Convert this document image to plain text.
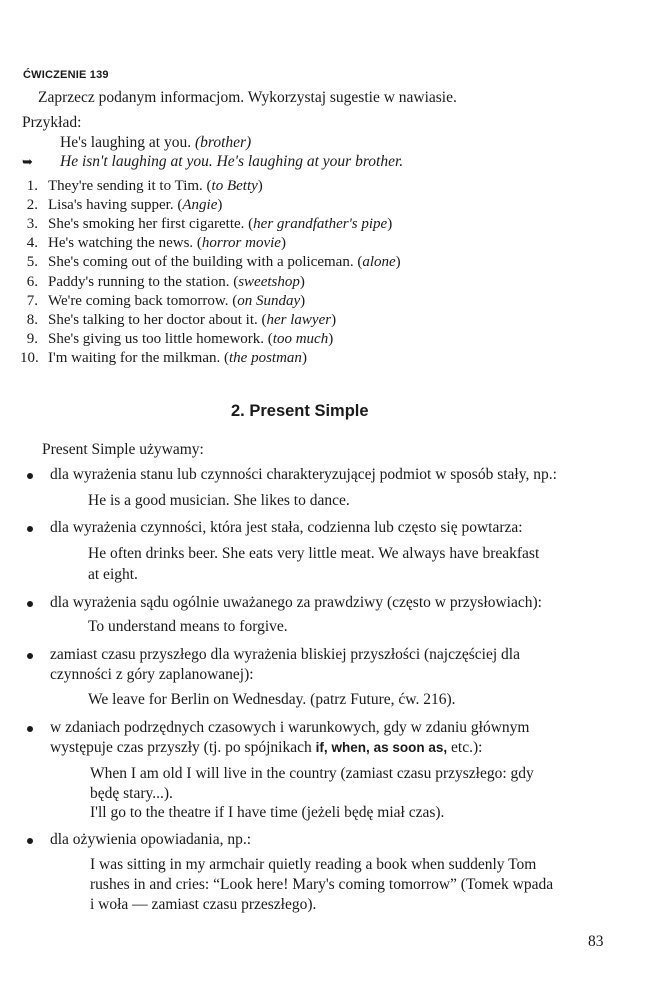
ĆWICZENIE 139
Zaprzecz podanym informacjom. Wykorzystaj sugestie w nawiasie.
Przykład:
He's laughing at you. (brother)
➥ He isn't laughing at you. He's laughing at your brother.
1. They're sending it to Tim. (to Betty)
2. Lisa's having supper. (Angie)
3. She's smoking her first cigarette. (her grandfather's pipe)
4. He's watching the news. (horror movie)
5. She's coming out of the building with a policeman. (alone)
6. Paddy's running to the station. (sweetshop)
7. We're coming back tomorrow. (on Sunday)
8. She's talking to her doctor about it. (her lawyer)
9. She's giving us too little homework. (too much)
10. I'm waiting for the milkman. (the postman)
2. Present Simple
Present Simple używamy:
dla wyrażenia stanu lub czynności charakteryzującej podmiot w sposób stały, np.:
He is a good musician. She likes to dance.
dla wyrażenia czynności, która jest stała, codzienna lub często się powtarza:
He often drinks beer. She eats very little meat. We always have breakfast
at eight.
dla wyrażenia sądu ogólnie uważanego za prawdziwy (często w przysłowiach):
To understand means to forgive.
zamiast czasu przyszłego dla wyrażenia bliskiej przyszłości (najczęściej dla
czynności z góry zaplanowanej):
We leave for Berlin on Wednesday. (patrz Future, ćw. 216).
w zdaniach podrzędnych czasowych i warunkowych, gdy w zdaniu głównym
występuje czas przyszły (tj. po spójnikach if, when, as soon as, etc.):
When I am old I will live in the country (zamiast czasu przyszłego: gdy
będę stary...).
I'll go to the theatre if I have time (jeżeli będę miał czas).
dla ożywienia opowiadania, np.:
I was sitting in my armchair quietly reading a book when suddenly Tom
rushes in and cries: “Look here! Mary's coming tomorrow” (Tomek wpada
i woła — zamiast czasu przeszłego).
83
